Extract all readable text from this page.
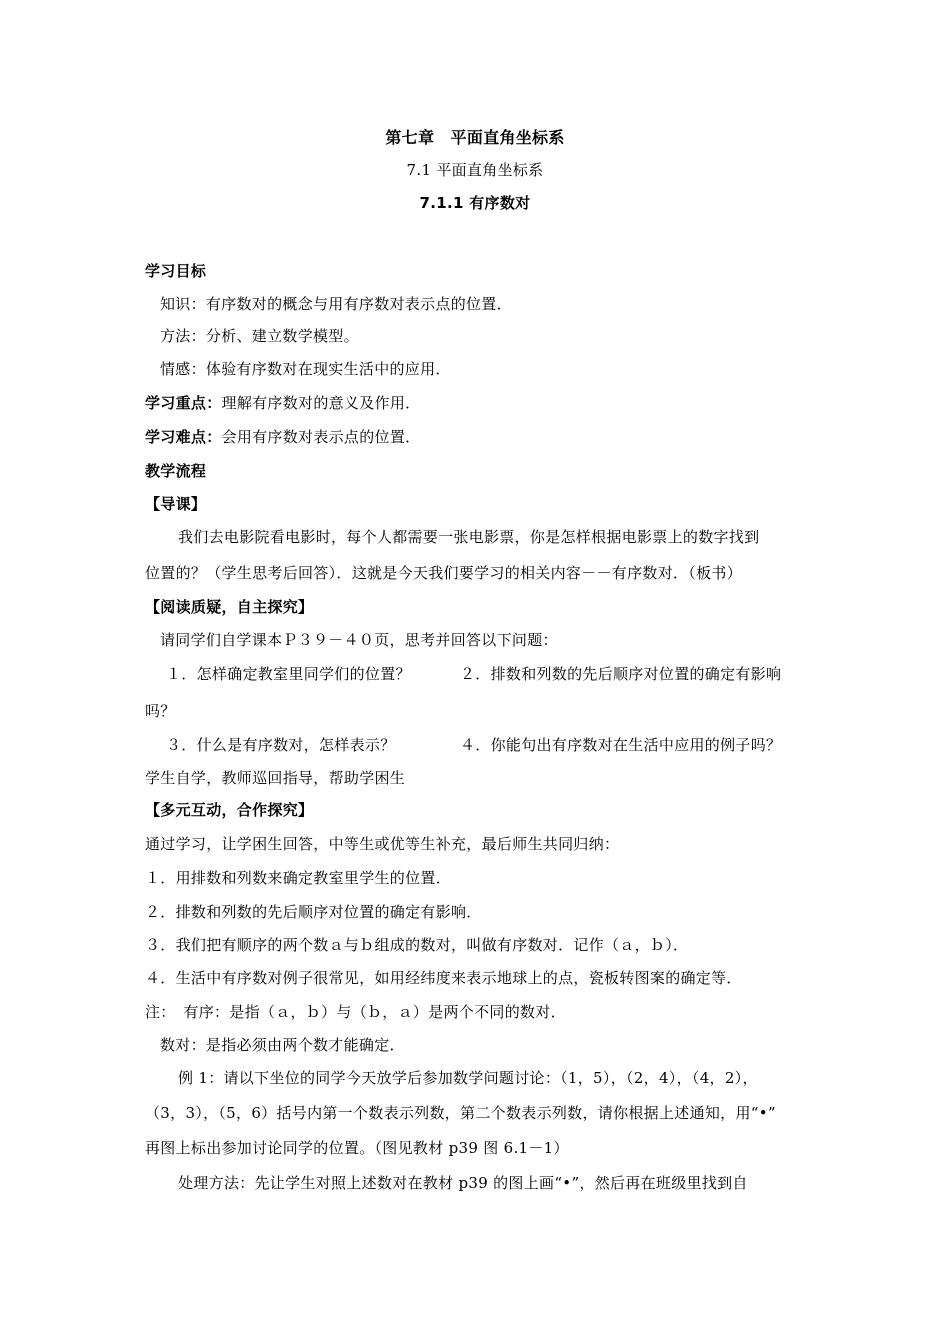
第七章　平面直角坐标系
7.1 平面直角坐标系
7.1.1 有序数对
学习目标
知识：有序数对的概念与用有序数对表示点的位置．
方法：分析、建立数学模型。
情感：体验有序数对在现实生活中的应用．
学习重点：理解有序数对的意义及作用．
学习难点：会用有序数对表示点的位置．
教学流程
【导课】
我们去电影院看电影时，每个人都需要一张电影票，你是怎样根据电影票上的数字找到
位置的？（学生思考后回答）．这就是今天我们要学习的相关内容－－有序数对．（板书）
【阅读质疑，自主探究】
请同学们自学课本Ｐ３９－４０页，思考并回答以下问题：
１．怎样确定教室里同学们的位置？	２．排数和列数的先后顺序对位置的确定有影响
吗？
３．什么是有序数对，怎样表示？	４．你能句出有序数对在生活中应用的例子吗？
学生自学，教师巡回指导，帮助学困生
【多元互动，合作探究】
通过学习，让学困生回答，中等生或优等生补充，最后师生共同归纳：
１．用排数和列数来确定教室里学生的位置．
２．排数和列数的先后顺序对位置的确定有影响．
３．我们把有顺序的两个数ａ与ｂ组成的数对，叫做有序数对．记作（ａ，ｂ）．
４．生活中有序数对例子很常见，如用经纬度来表示地球上的点，瓷板转图案的确定等．
注：　有序：是指（ａ，ｂ）与（ｂ，ａ）是两个不同的数对．
数对：是指必须由两个数才能确定．
例 1：请以下坐位的同学今天放学后参加数学问题讨论：（1，5），（2，4），（4，2），
（3，3），（5，6）括号内第一个数表示列数，第二个数表示列数，请你根据上述通知，用“•”
再图上标出参加讨论同学的位置。（图见教材 p39 图 6.1－1）
处理方法：先让学生对照上述数对在教材 p39 的图上画“•”，然后再在班级里找到自
